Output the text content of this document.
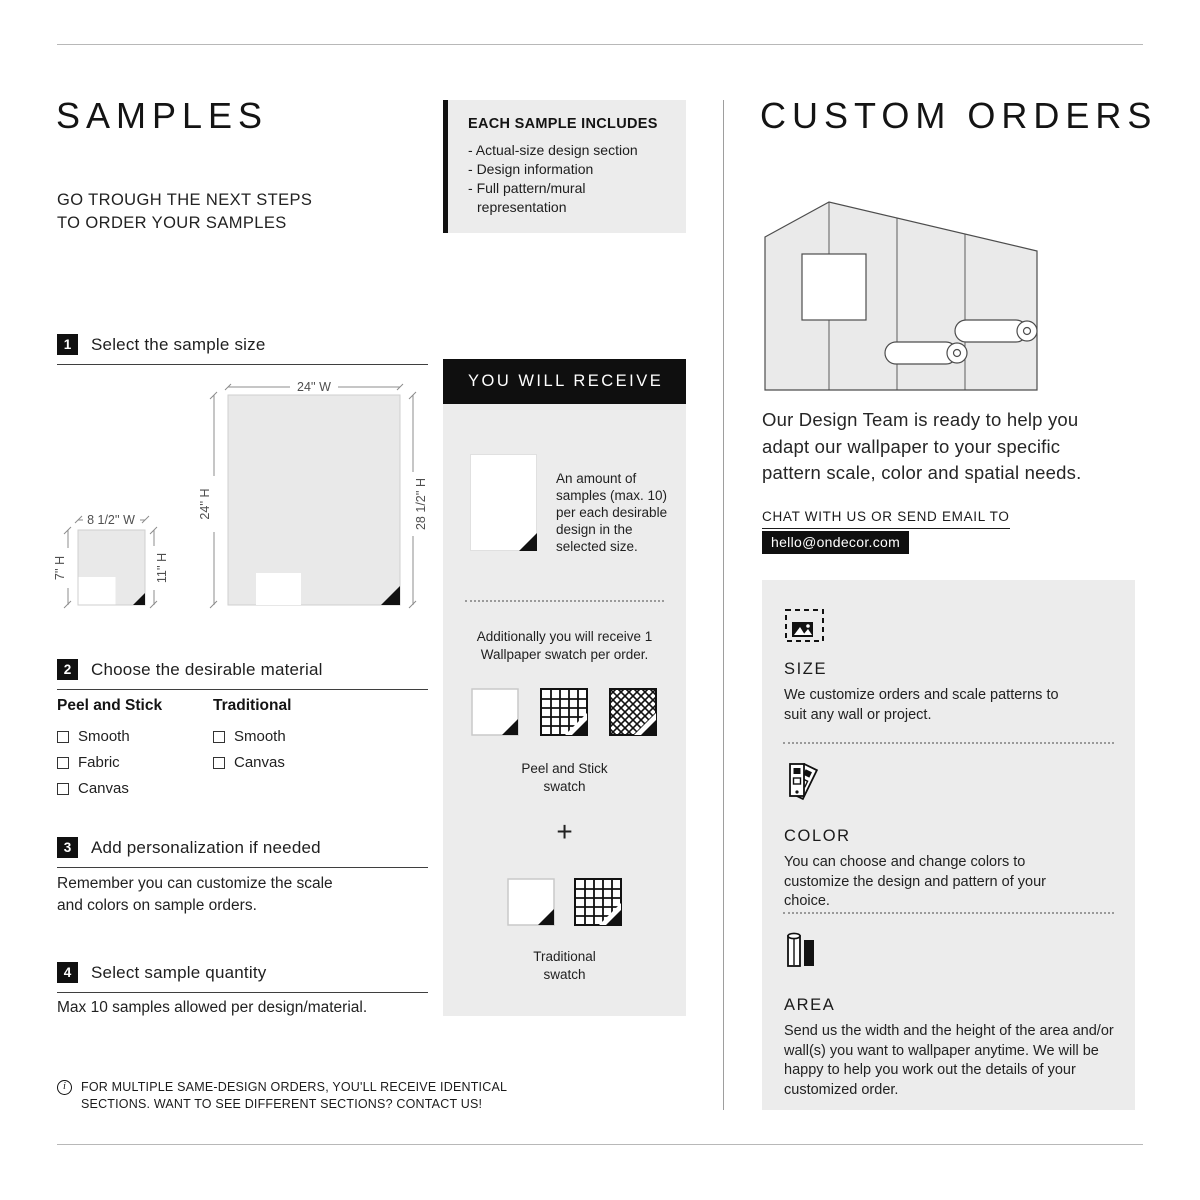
SAMPLES
GO TROUGH THE NEXT STEPS TO ORDER YOUR SAMPLES
1	Select the sample size
24'' W
24'' H	28 1/2'' H
8 1/2'' W
7'' H	11'' H
2	Choose the desirable material
Peel and Stick
Smooth
Fabric
Canvas
Traditional
Smooth
Canvas
3	Add personalization if needed
Remember you can customize the scale and colors on sample orders.
4	Select sample quantity
Max 10 samples allowed per design/material.
i	FOR MULTIPLE SAME-DESIGN ORDERS, YOU'LL RECEIVE IDENTICAL SECTIONS. WANT TO SEE DIFFERENT SECTIONS? CONTACT US!
EACH SAMPLE INCLUDES
- Actual-size design section
- Design information
- Full pattern/mural representation
YOU WILL RECEIVE
An amount of samples (max. 10) per each desirable design in the selected size.
Additionally you will receive 1 Wallpaper swatch per order.
Peel and Stick swatch
+
Traditional swatch
CUSTOM ORDERS
Our Design Team is ready to help you adapt our wallpaper to your specific pattern scale, color and spatial needs.
CHAT WITH US OR SEND EMAIL TO
hello@ondecor.com
SIZE
We customize orders and scale patterns to suit any wall or project.
COLOR
You can choose and change colors to customize the design and pattern of your choice.
AREA
Send us the width and the height of the area and/or wall(s) you want to wallpaper anytime. We will be happy to help you work out the details of your customized order.
